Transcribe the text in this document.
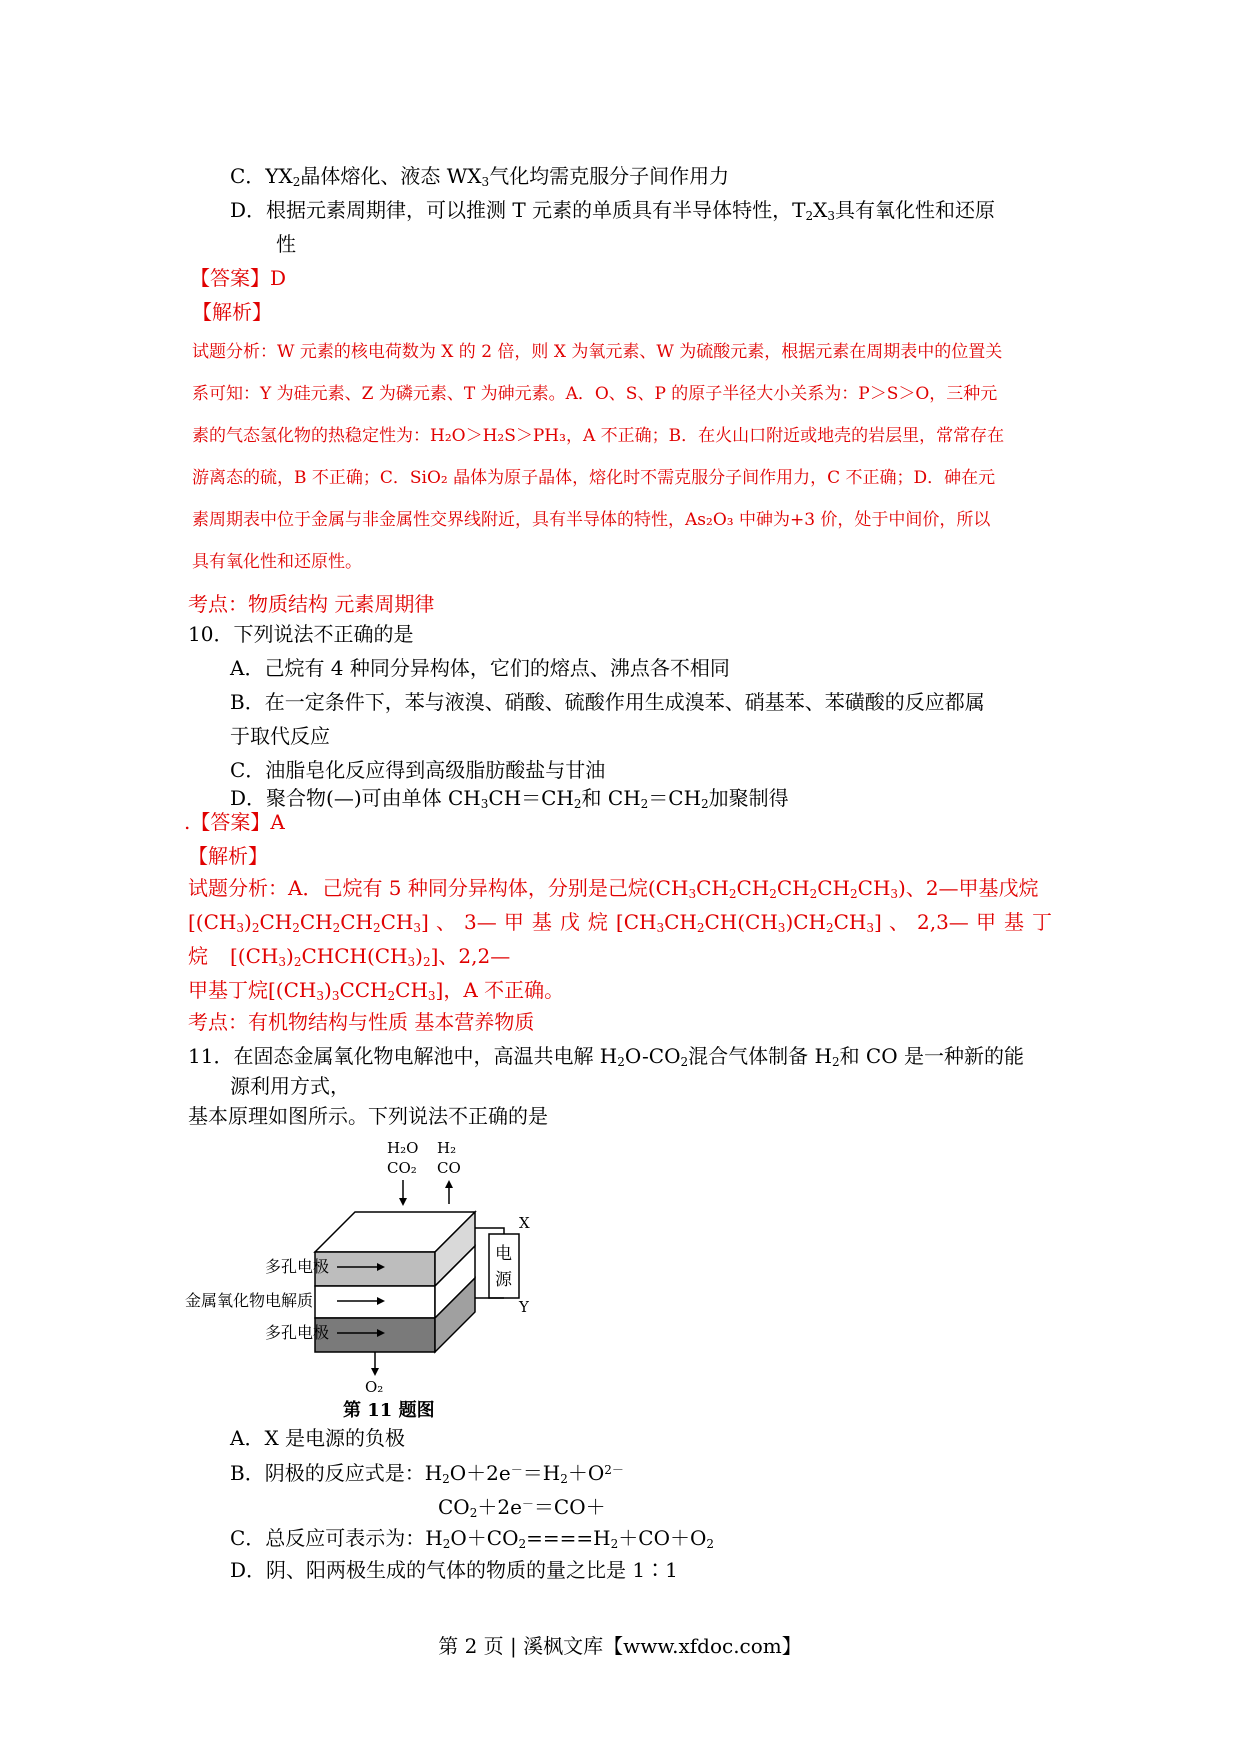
C．$YX_2$晶体熔化、液态 $WX_3$气化均需克服分子间作用力
D．根据元素周期律，可以推测 T 元素的单质具有半导体特性，$T_2X_3$具有氧化性和还原
性
【答案】D
【解析】
试题分析：W 元素的核电荷数为 X 的 2 倍，则 X 为氧元素、W 为硫酸元素，根据元素在周期表中的位置关
系可知：Y 为硅元素、Z 为磷元素、T 为砷元素。A．O、S、P 的原子半径大小关系为：P＞S＞O，三种元
素的气态氢化物的热稳定性为：H₂O＞H₂S＞PH₃，A 不正确；B．在火山口附近或地壳的岩层里，常常存在
游离态的硫，B 不正确；C．SiO₂ 晶体为原子晶体，熔化时不需克服分子间作用力，C 不正确；D．砷在元
素周期表中位于金属与非金属性交界线附近，具有半导体的特性，As₂O₃ 中砷为+3 价，处于中间价，所以
具有氧化性和还原性。
考点：物质结构 元素周期律
10．下列说法不正确的是
A．己烷有 4 种同分异构体，它们的熔点、沸点各不相同
B．在一定条件下，苯与液溴、硝酸、硫酸作用生成溴苯、硝基苯、苯磺酸的反应都属
于取代反应
C．油脂皂化反应得到高级脂肪酸盐与甘油
D．聚合物(—)可由单体 $CH_3CH=CH_2$和 $CH_2=CH_2$加聚制得
.【答案】A
【解析】
试题分析：A．己烷有 5 种同分异构体，分别是己烷$(CH_3CH_2CH_2CH_2CH_2CH_3)$、2—甲基戊烷
$[(CH_3)_2CH_2CH_2CH_2CH_3]$ 、 3— 甲 基 戊 烷 $[CH_3CH_2CH(CH_3)CH_2CH_3]$ 、 2,3— 甲 基 丁 烷	$[(CH_3)_2CHCH(CH_3)_2]$、2,2—
甲基丁烷$[(CH_3)_3CCH_2CH_3]$，A 不正确。
考点：有机物结构与性质 基本营养物质
11．在固态金属氧化物电解池中，高温共电解 $H_2O-CO_2$混合气体制备 $H_2$和 CO 是一种新的能
源利用方式，
基本原理如图所示。下列说法不正确的是
H₂O
CO₂
H₂
CO
电
源
X
Y
多孔电极
金属氧化物电解质
多孔电极
O₂
第 11 题图
A．X 是电源的负极
B．阴极的反应式是：$H_2O+2e^-=H_2+O^{2-}$
$CO_2+2e^-=CO+$
C．总反应可表示为：$H_2O+CO_2====H_2+CO+O_2$
D．阴、阳两极生成的气体的物质的量之比是 1∶1
第 2 页 | 溪枫文库【www.xfdoc.com】
